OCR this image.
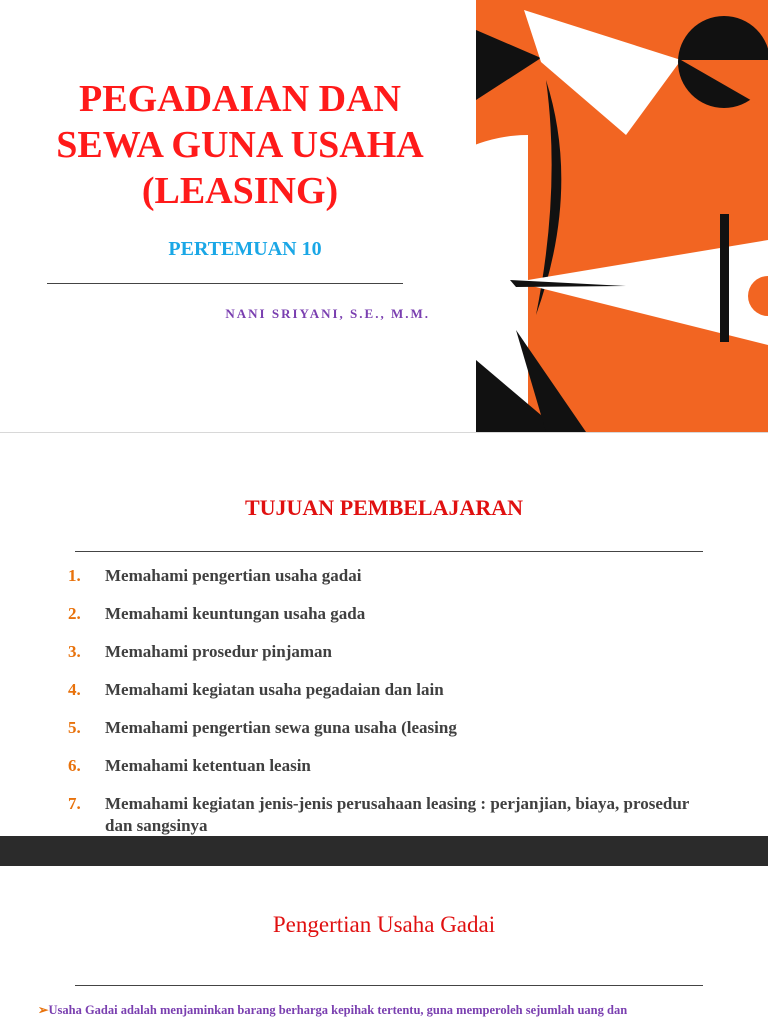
PEGADAIAN DAN
SEWA GUNA USAHA
(LEASING)
PERTEMUAN 10
NANI SRIYANI, S.E., M.M.
TUJUAN PEMBELAJARAN
1.	Memahami pengertian usaha gadai
2.	Memahami keuntungan usaha gada
3.	Memahami prosedur pinjaman
4.	Memahami kegiatan usaha pegadaian dan lain
5.	Memahami pengertian sewa guna usaha (leasing
6.	Memahami ketentuan leasin
7.	Memahami kegiatan jenis-jenis perusahaan leasing : perjanjian, biaya, prosedur dan sangsinya
Pengertian Usaha Gadai
➢Usaha Gadai adalah menjaminkan barang berharga kepihak tertentu, guna memperoleh sejumlah uang dan
